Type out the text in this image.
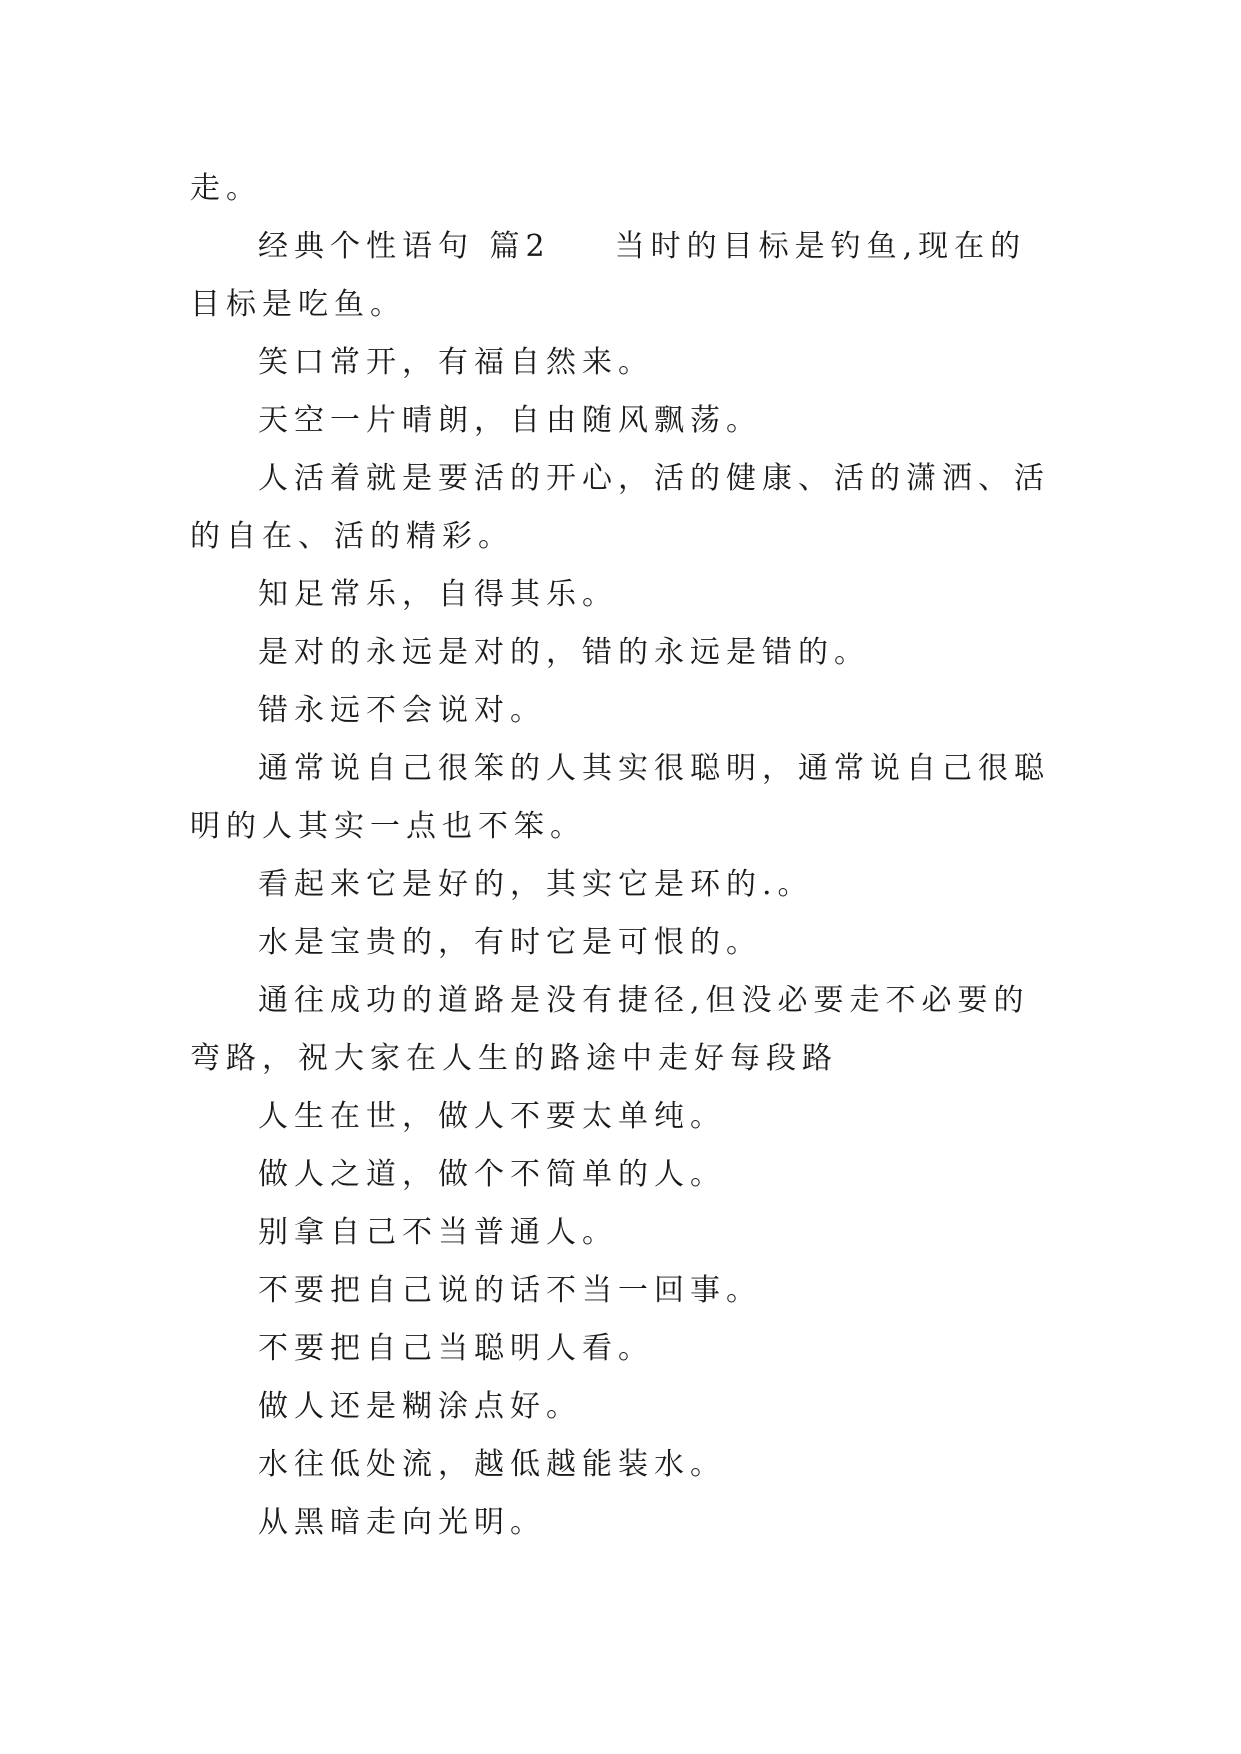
走。

经典个性语句 篇2 当时的目标是钓鱼,现在的目标是吃鱼。

笑口常开，有福自然来。

天空一片晴朗，自由随风飘荡。

人活着就是要活的开心，活的健康、活的潇洒、活的自在、活的精彩。

知足常乐，自得其乐。

是对的永远是对的，错的永远是错的。

错永远不会说对。

通常说自己很笨的人其实很聪明，通常说自己很聪明的人其实一点也不笨。

看起来它是好的，其实它是环的.。

水是宝贵的，有时它是可恨的。

通往成功的道路是没有捷径,但没必要走不必要的弯路，祝大家在人生的路途中走好每段路

人生在世，做人不要太单纯。

做人之道，做个不简单的人。

别拿自己不当普通人。

不要把自己说的话不当一回事。

不要把自己当聪明人看。

做人还是糊涂点好。

水往低处流，越低越能装水。

从黑暗走向光明。
